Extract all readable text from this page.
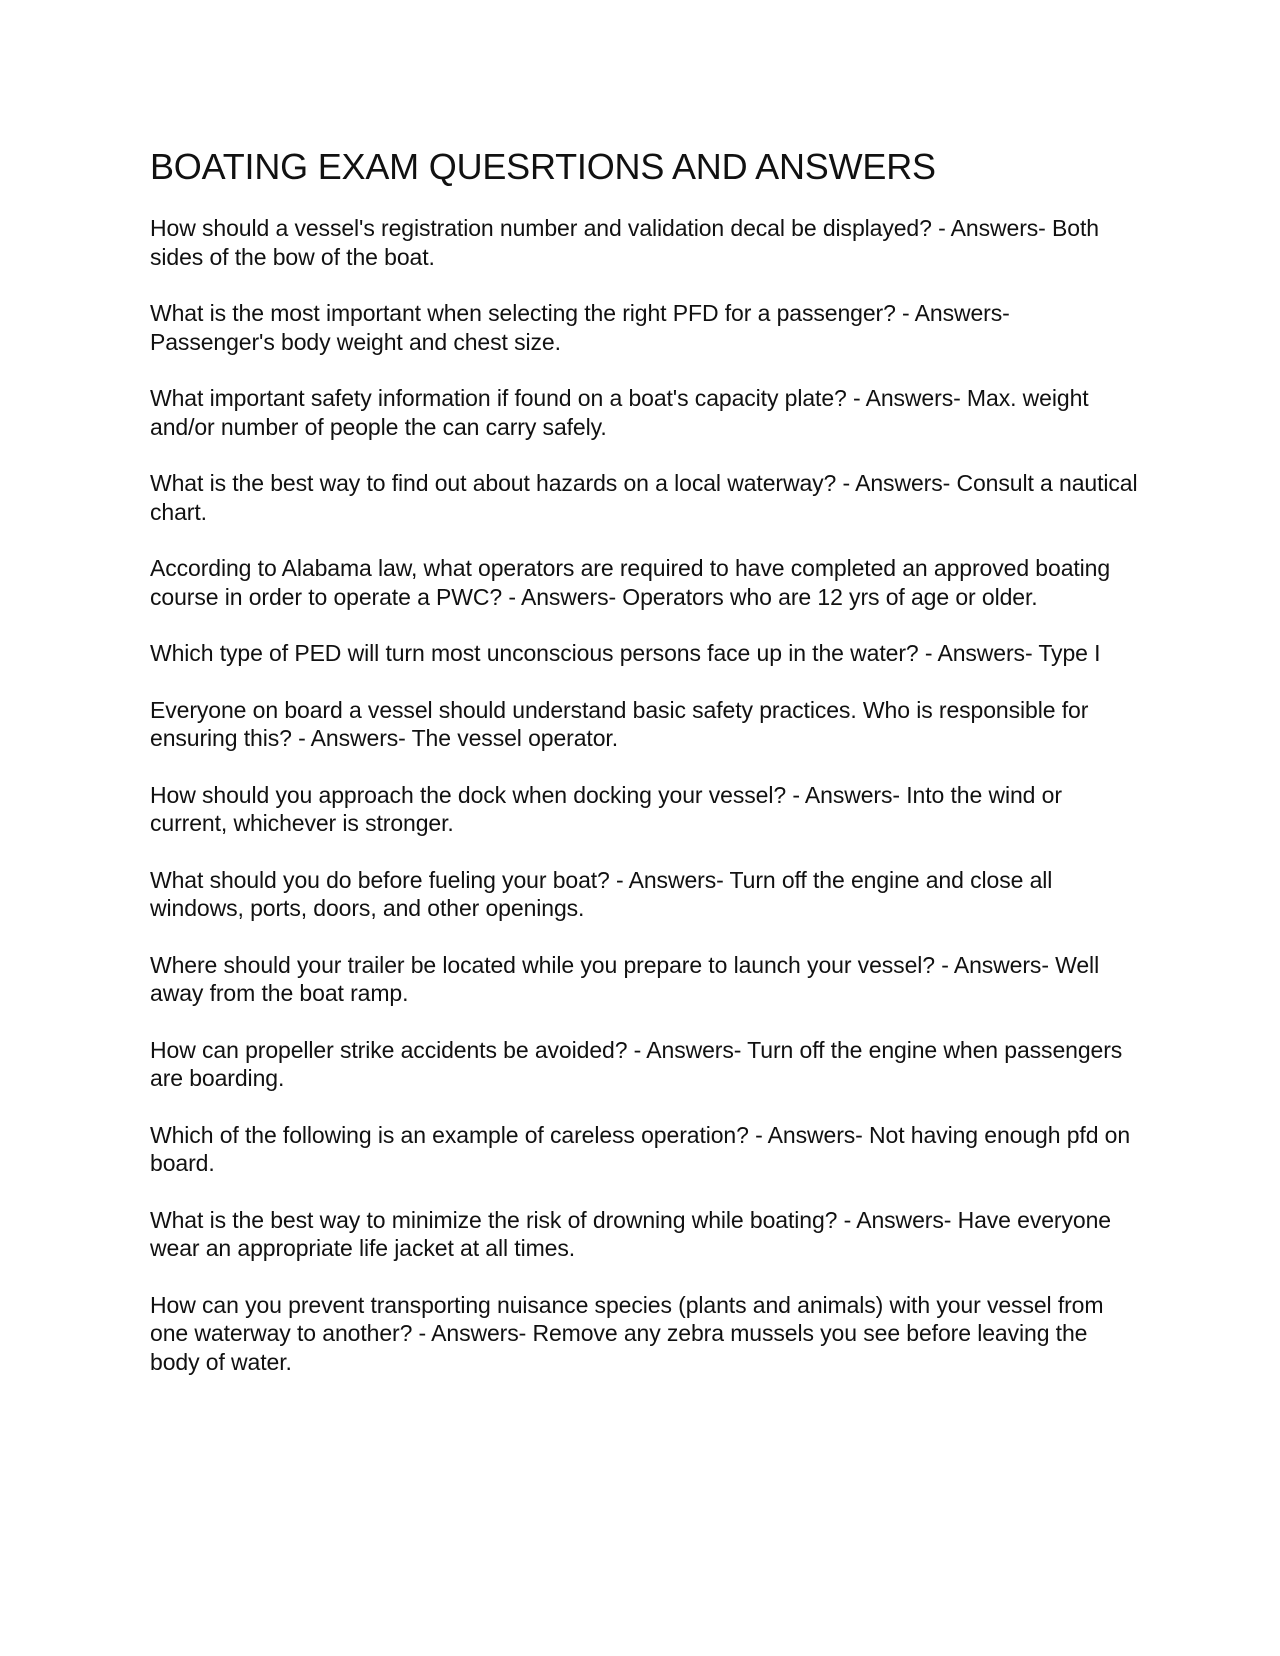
BOATING EXAM QUESRTIONS AND ANSWERS

How should a vessel's registration number and validation decal be displayed? - Answers- Both sides of the bow of the boat.

What is the most important when selecting the right PFD for a passenger? - Answers- Passenger's body weight and chest size.

What important safety information if found on a boat's capacity plate? - Answers- Max. weight and/or number of people the can carry safely.

What is the best way to find out about hazards on a local waterway? - Answers- Consult a nautical chart.

According to Alabama law, what operators are required to have completed an approved boating course in order to operate a PWC? - Answers- Operators who are 12 yrs of age or older.

Which type of PED will turn most unconscious persons face up in the water? - Answers- Type I

Everyone on board a vessel should understand basic safety practices. Who is responsible for ensuring this? - Answers- The vessel operator.

How should you approach the dock when docking your vessel? - Answers- Into the wind or current, whichever is stronger.

What should you do before fueling your boat? - Answers- Turn off the engine and close all windows, ports, doors, and other openings.

Where should your trailer be located while you prepare to launch your vessel? - Answers- Well away from the boat ramp.

How can propeller strike accidents be avoided? - Answers- Turn off the engine when passengers are boarding.

Which of the following is an example of careless operation? - Answers- Not having enough pfd on board.

What is the best way to minimize the risk of drowning while boating? - Answers- Have everyone wear an appropriate life jacket at all times.

How can you prevent transporting nuisance species (plants and animals) with your vessel from one waterway to another? - Answers- Remove any zebra mussels you see before leaving the body of water.
